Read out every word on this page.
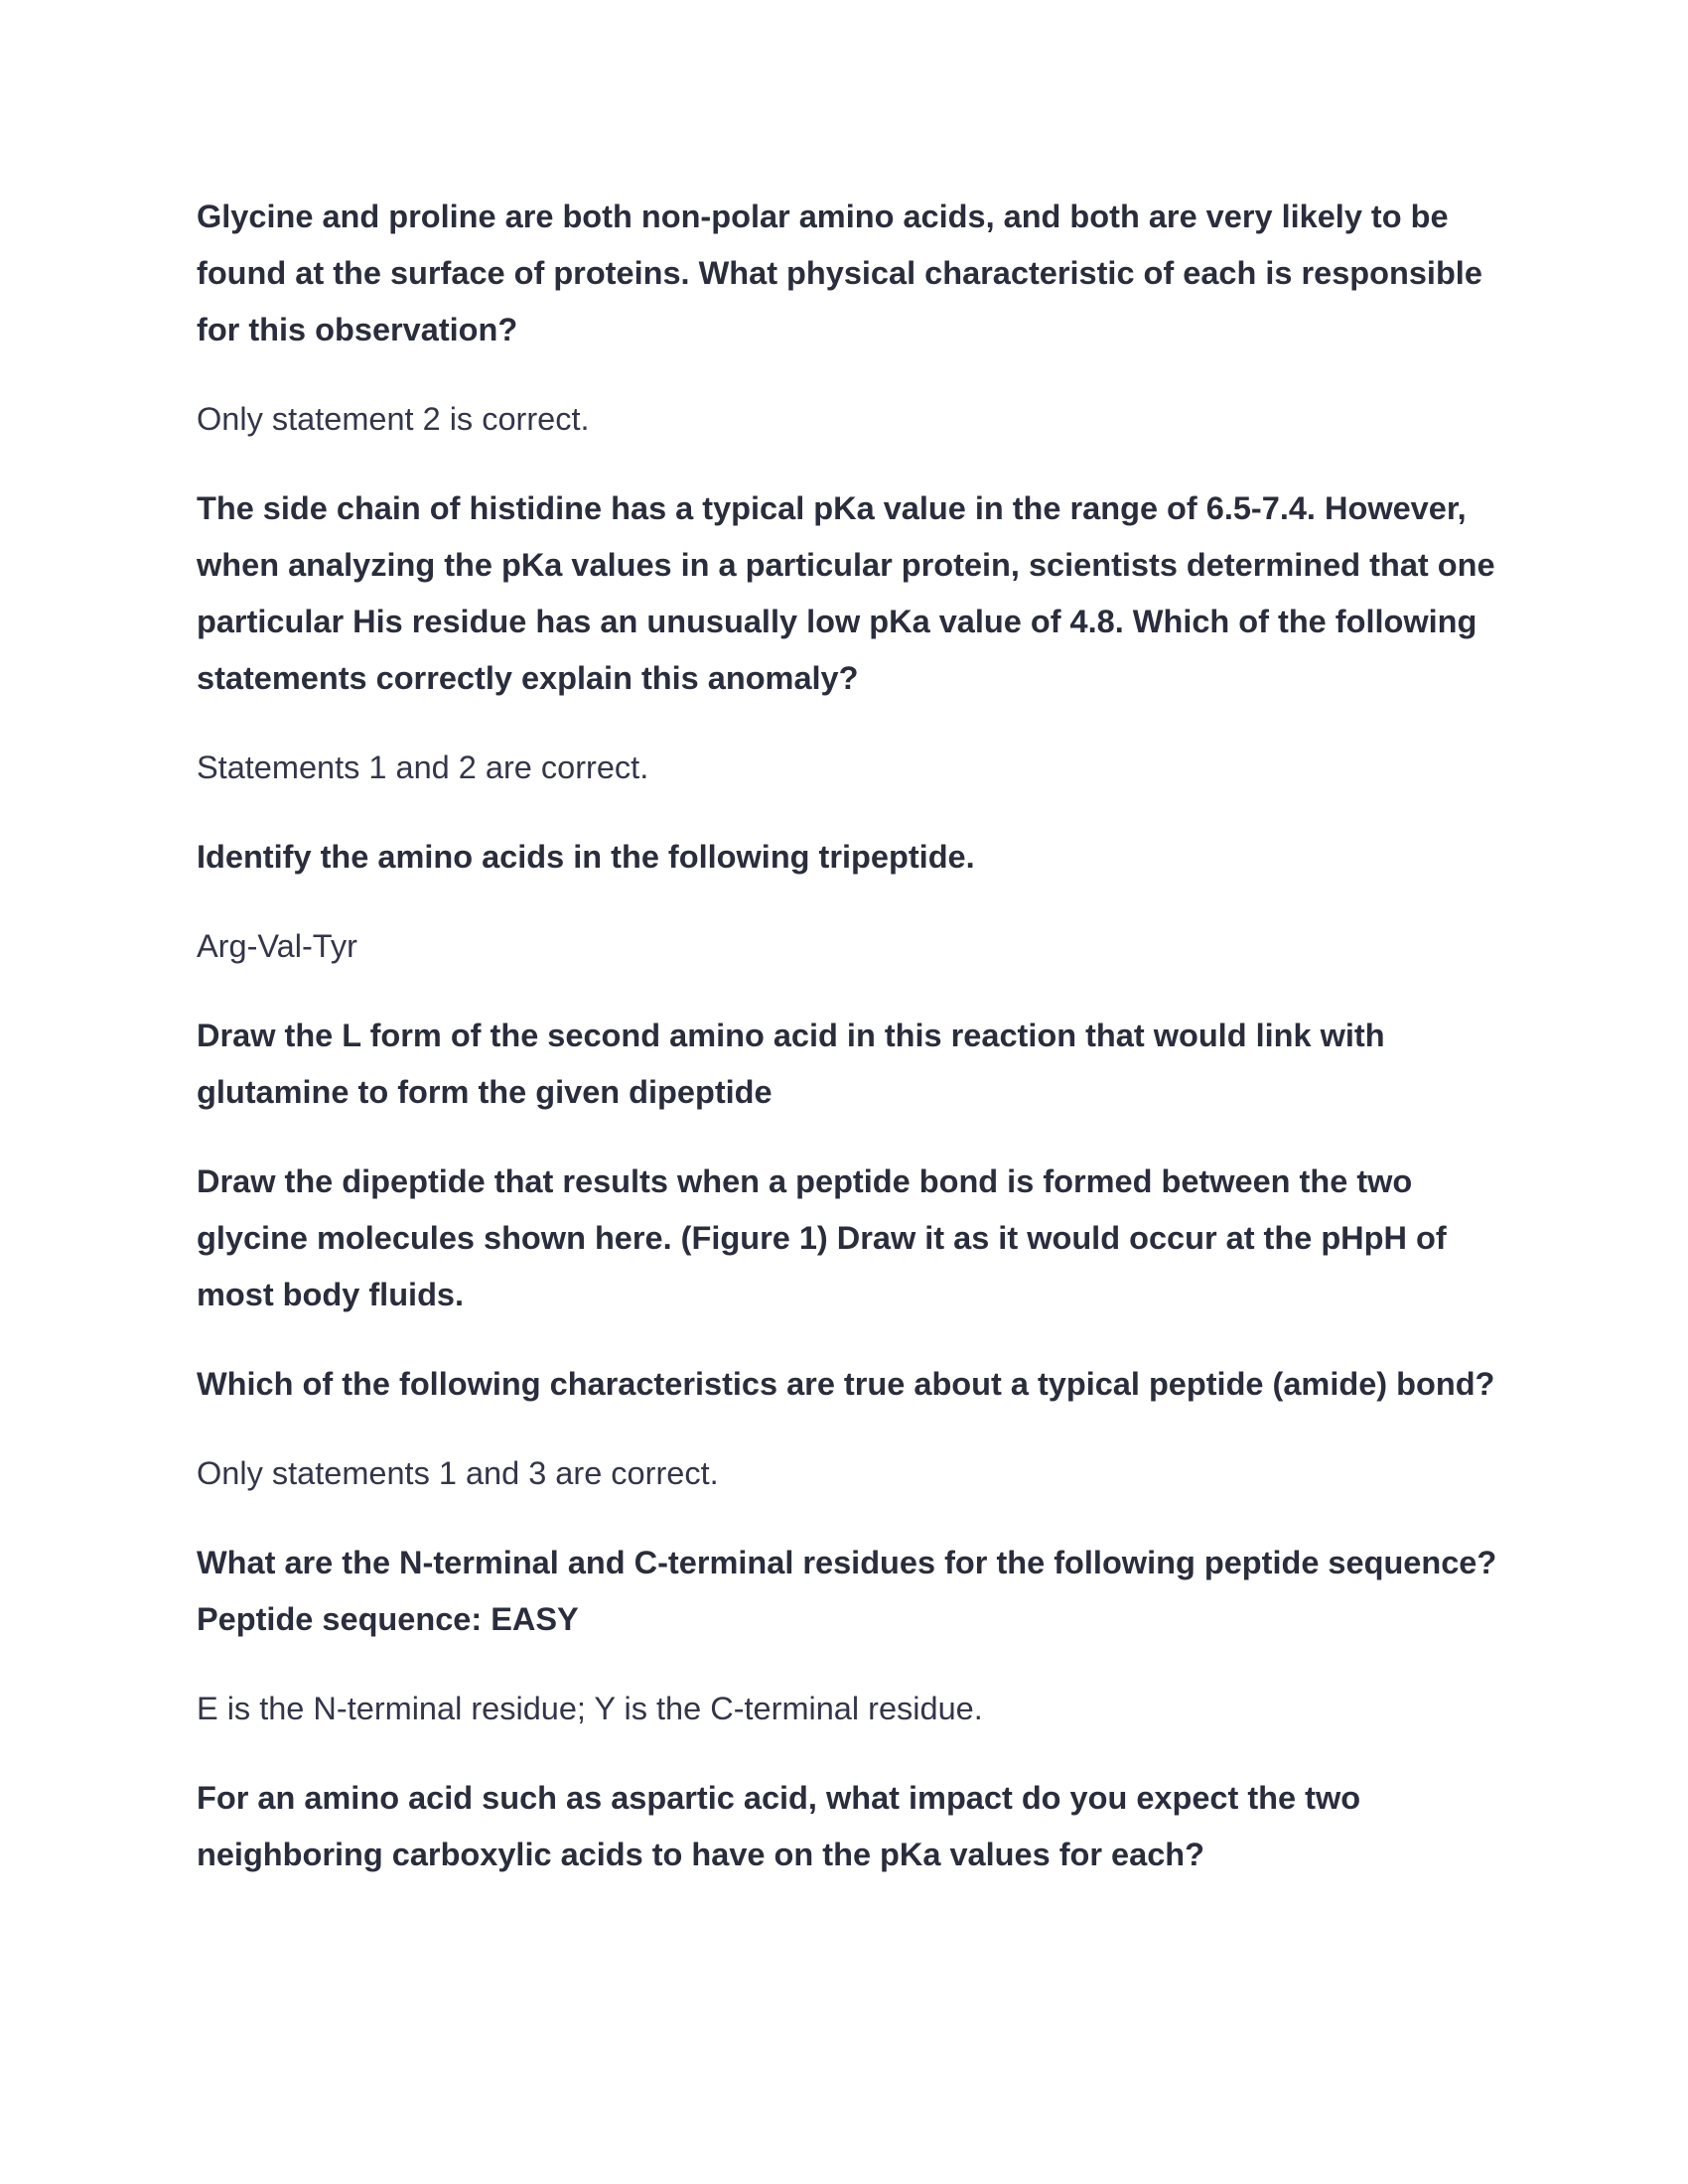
Glycine and proline are both non-polar amino acids, and both are very likely to be found at the surface of proteins. What physical characteristic of each is responsible for this observation?

Only statement 2 is correct.

The side chain of histidine has a typical pKa value in the range of 6.5-7.4. However, when analyzing the pKa values in a particular protein, scientists determined that one particular His residue has an unusually low pKa value of 4.8. Which of the following statements correctly explain this anomaly?

Statements 1 and 2 are correct.

Identify the amino acids in the following tripeptide.

Arg-Val-Tyr

Draw the L form of the second amino acid in this reaction that would link with glutamine to form the given dipeptide

Draw the dipeptide that results when a peptide bond is formed between the two glycine molecules shown here. (Figure 1) Draw it as it would occur at the pHpH of most body fluids.

Which of the following characteristics are true about a typical peptide (amide) bond?

Only statements 1 and 3 are correct.

What are the N-terminal and C-terminal residues for the following peptide sequence?Peptide sequence: EASY

E is the N-terminal residue; Y is the C-terminal residue.

For an amino acid such as aspartic acid, what impact do you expect the two neighboring carboxylic acids to have on the pKa values for each?
